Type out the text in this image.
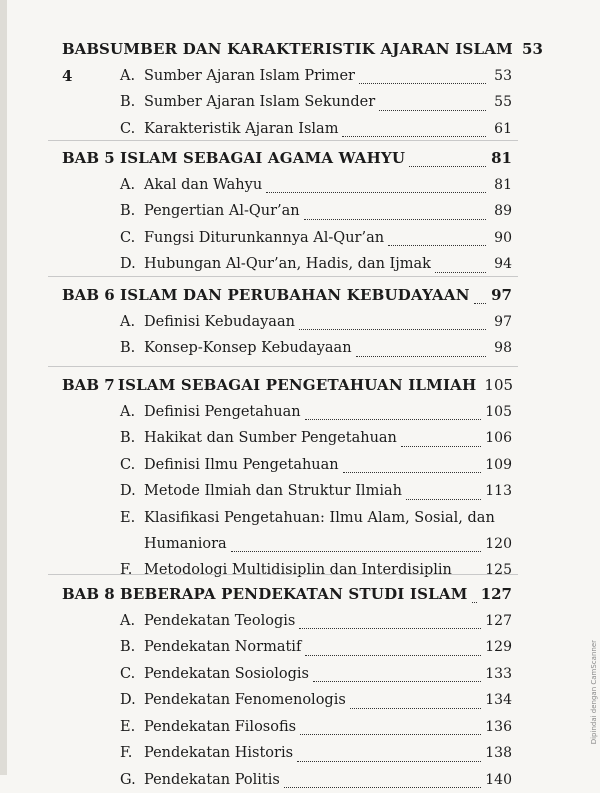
BAB 4
SUMBER DAN KARAKTERISTIK AJARAN ISLAM 53
A. Sumber Ajaran Islam Primer	53
B. Sumber Ajaran Islam Sekunder	55
C. Karakteristik Ajaran Islam	61
BAB 5 ISLAM SEBAGAI AGAMA WAHYU	81
A. Akal dan Wahyu	81
B. Pengertian Al-Qur’an	89
C. Fungsi Diturunkannya Al-Qur’an	90
D. Hubungan Al-Qur’an, Hadis, dan Ijmak	94
BAB 6 ISLAM DAN PERUBAHAN KEBUDAYAAN 97
A. Definisi Kebudayaan	97
B. Konsep-Konsep Kebudayaan	98
BAB 7 ISLAM SEBAGAI PENGETAHUAN ILMIAH 105
A. Definisi Pengetahuan	105
B. Hakikat dan Sumber Pengetahuan	106
C. Definisi Ilmu Pengetahuan	109
D. Metode Ilmiah dan Struktur Ilmiah	113
E. Klasifikasi Pengetahuan: Ilmu Alam, Sosial, dan
Humaniora	120
F. Metodologi Multidisiplin dan Interdisiplin 125
BAB 8 BEBERAPA PENDEKATAN STUDI ISLAM 127
A. Pendekatan Teologis	127
B. Pendekatan Normatif	129
C. Pendekatan Sosiologis	133
D. Pendekatan Fenomenologis	134
E. Pendekatan Filosofis	136
F. Pendekatan Historis	138
G. Pendekatan Politis	140
Dipindai dengan CamScanner
